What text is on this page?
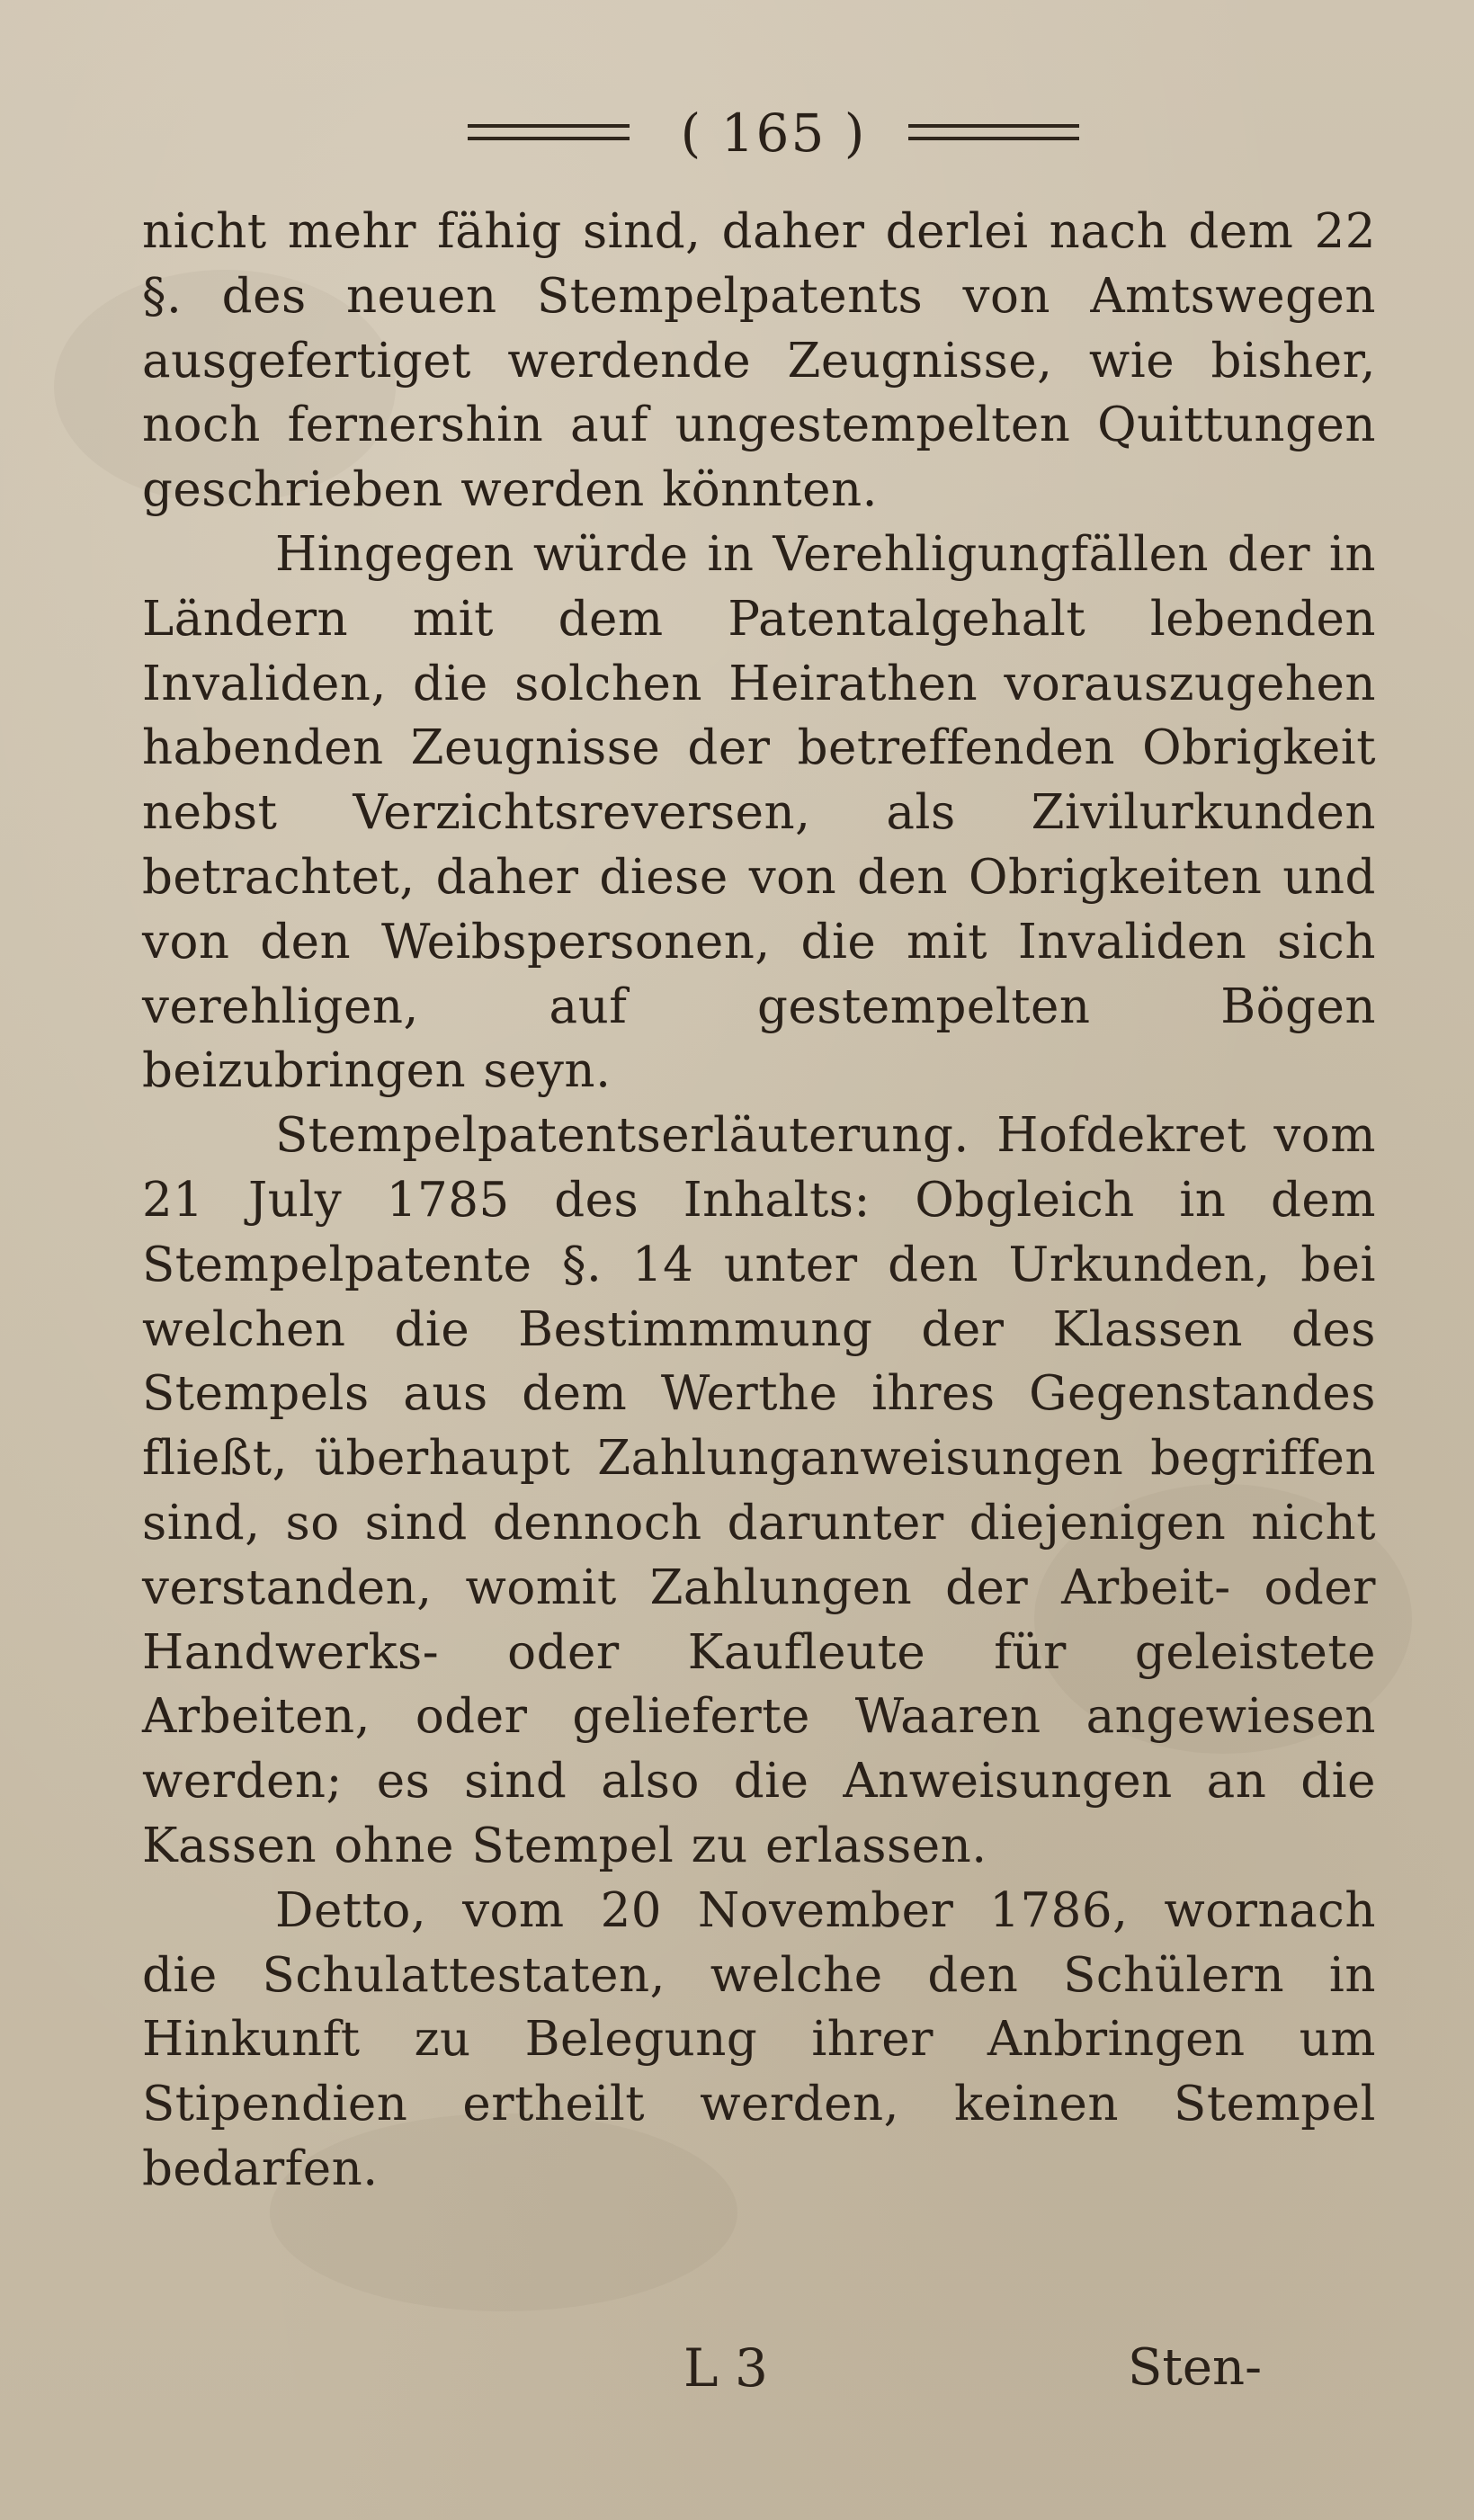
( 165 )

nicht mehr fähig sind, daher derlei nach dem 22 §. des neuen Stempelpatents von Amtswegen ausgefertiget werdende Zeugnisse, wie bisher, noch fernershin auf ungestempelten Quittungen geschrieben werden könnten.

Hingegen würde in Verehligungfällen der in Ländern mit dem Patentalgehalt lebenden Invaliden, die solchen Heirathen vorauszugehen habenden Zeugnisse der betreffenden Obrigkeit nebst Verzichtsreversen, als Zivilurkunden betrachtet, daher diese von den Obrigkeiten und von den Weibspersonen, die mit Invaliden sich verehligen, auf gestempelten Bögen beizubringen seyn.

Stempelpatentserläuterung. Hofdekret vom 21 July 1785 des Inhalts: Obgleich in dem Stempelpatente §. 14 unter den Urkunden, bei welchen die Bestimmmung der Klassen des Stempels aus dem Werthe ihres Gegenstandes fließt, überhaupt Zahlunganweisungen begriffen sind, so sind dennoch darunter diejenigen nicht verstanden, womit Zahlungen der Arbeit- oder Handwerks- oder Kaufleute für geleistete Arbeiten, oder gelieferte Waaren angewiesen werden; es sind also die Anweisungen an die Kassen ohne Stempel zu erlassen.

Detto, vom 20 November 1786, wornach die Schulattestaten, welche den Schülern in Hinkunft zu Belegung ihrer Anbringen um Stipendien ertheilt werden, keinen Stempel bedarfen.

L 3	Sten-
